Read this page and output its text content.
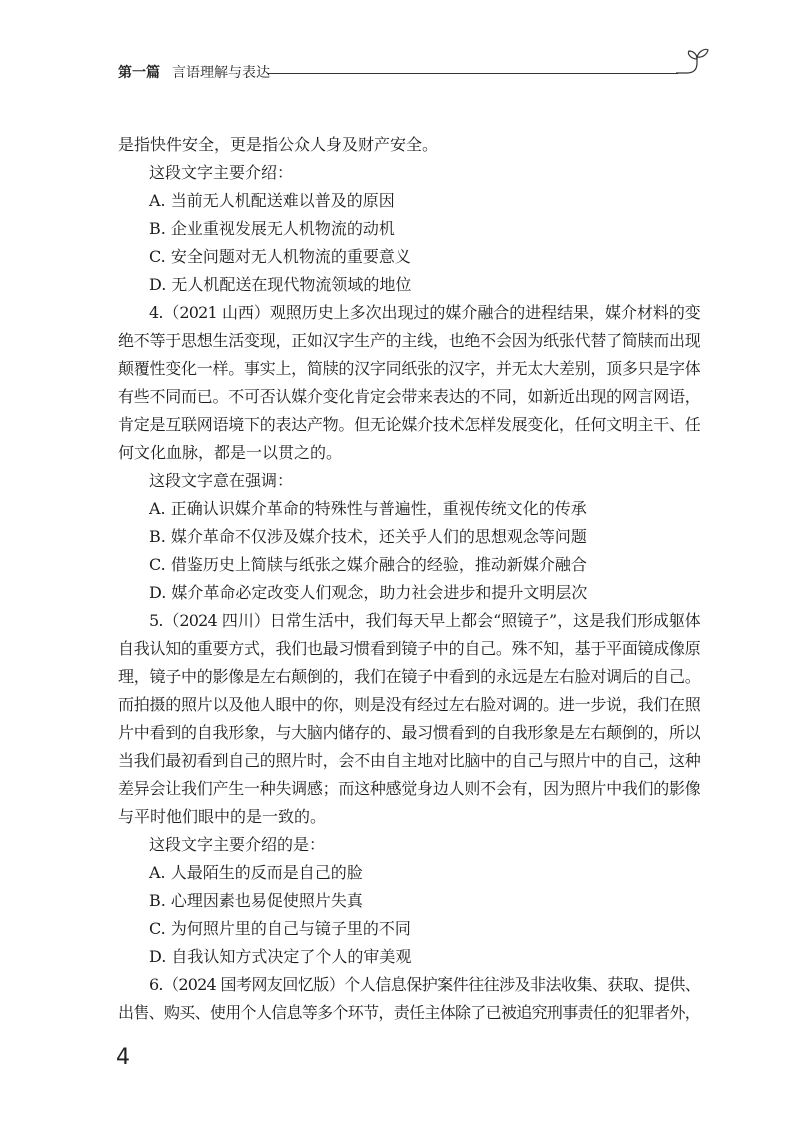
第一篇 言语理解与表达
是指快件安全，更是指公众人身及财产安全。
这段文字主要介绍：
A. 当前无人机配送难以普及的原因
B. 企业重视发展无人机物流的动机
C. 安全问题对无人机物流的重要意义
D. 无人机配送在现代物流领域的地位
4.（2021 山西）观照历史上多次出现过的媒介融合的进程结果，媒介材料的变
绝不等于思想生活变现，正如汉字生产的主线，也绝不会因为纸张代替了简牍而出现
颠覆性变化一样。事实上，简牍的汉字同纸张的汉字，并无太大差别，顶多只是字体
有些不同而已。不可否认媒介变化肯定会带来表达的不同，如新近出现的网言网语，
肯定是互联网语境下的表达产物。但无论媒介技术怎样发展变化，任何文明主干、任
何文化血脉，都是一以贯之的。
这段文字意在强调：
A. 正确认识媒介革命的特殊性与普遍性，重视传统文化的传承
B. 媒介革命不仅涉及媒介技术，还关乎人们的思想观念等问题
C. 借鉴历史上简牍与纸张之媒介融合的经验，推动新媒介融合
D. 媒介革命必定改变人们观念，助力社会进步和提升文明层次
5.（2024 四川）日常生活中，我们每天早上都会“照镜子”，这是我们形成躯体
自我认知的重要方式，我们也最习惯看到镜子中的自己。殊不知，基于平面镜成像原
理，镜子中的影像是左右颠倒的，我们在镜子中看到的永远是左右脸对调后的自己。
而拍摄的照片以及他人眼中的你，则是没有经过左右脸对调的。进一步说，我们在照
片中看到的自我形象，与大脑内储存的、最习惯看到的自我形象是左右颠倒的，所以
当我们最初看到自己的照片时，会不由自主地对比脑中的自己与照片中的自己，这种
差异会让我们产生一种失调感；而这种感觉身边人则不会有，因为照片中我们的影像
与平时他们眼中的是一致的。
这段文字主要介绍的是：
A. 人最陌生的反而是自己的脸
B. 心理因素也易促使照片失真
C. 为何照片里的自己与镜子里的不同
D. 自我认知方式决定了个人的审美观
6.（2024 国考网友回忆版）个人信息保护案件往往涉及非法收集、获取、提供、
出售、购买、使用个人信息等多个环节，责任主体除了已被追究刑事责任的犯罪者外，
4
